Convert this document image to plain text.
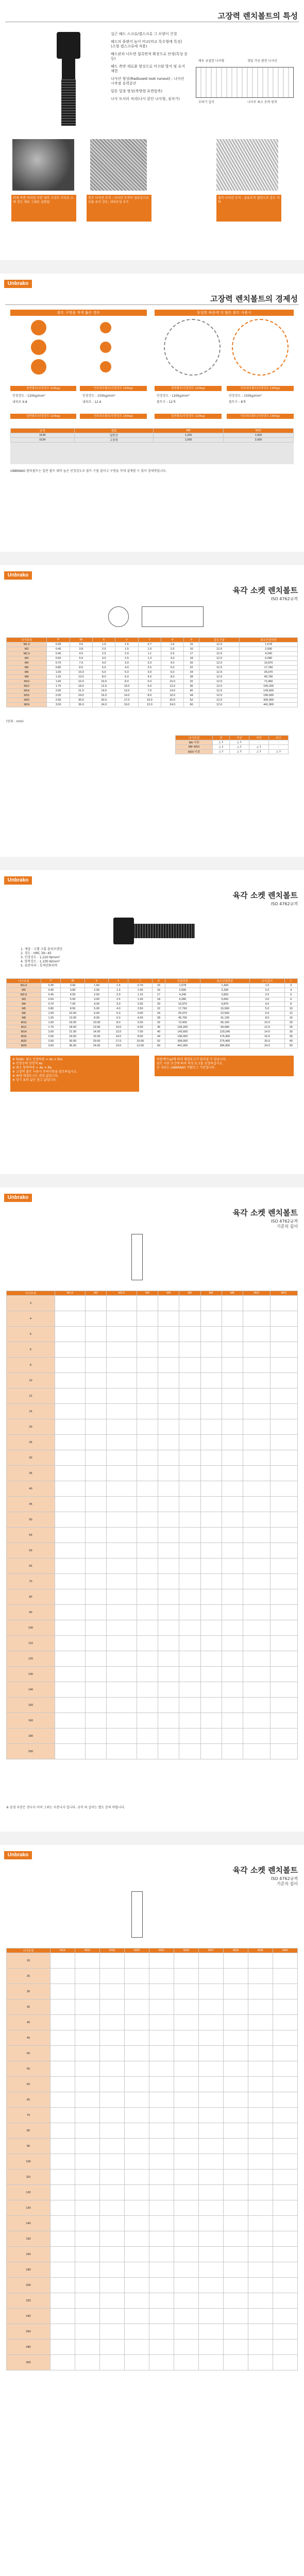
고장력 렌치볼트의 특성
실근 헤드 스크류/캡스크류 그 모양이 간결
헤드의 플랜지 높이 비교(비교 특수형태 특징)
(소형 캡스크류에 적용)
헤드판과 너트면 접촉면적 확장으로 안정(특성 동등)
헤드 측면 세로줄 형성으로 미끄럼 방지 및 유지 재현
나사산 형성(Radiused root runout) : 나사산 시작점 응력분산
압흔 일정 형성(축방향 표면압축)
나사 모서리 처리(나사 끝단 나사형, 심자기)
모따기 길이	나사부 최소 응력 원칙
매우 균질한 나사형	정밀 가공 완전 나사산
미세 측면 처리된 부분 내부 고강도 구조로 소재 강도 재료 그대로 실현됨
전조 나사산 조직 : 나사산 조직이 섬유상으로 흐름 유지 강도, 내피로성 우수
절삭 나사산 조직 : 섬유조직 절단으로 강도 저하
Unbrako
고장력 렌치볼트의 경제성
볼트 구멍을 적게 뚫은 경우	동일한 하중에 더 많은 볼트 사용시
일반볼트(인장강도 120kg)	언브라코볼트(인장강도 150kg)	일반볼트(인장강도 120kg)	언브라코볼트(인장강도 150kg)
인장강도 : 120kg/mm²	인장강도 : 150kg/mm²	인장강도 : 120kg/mm²	인장강도 : 150kg/mm²
내피로 9.8	내피로 : 12.6	볼트수 : 12개	볼트수 : 8개
일반볼트(인장강도 120kg)	언브라코볼트(인장강도 150kg)	일반볼트(인장강도 120kg)	언브라코볼트(인장강도 150kg)
규격	재질	M8	M12
SCM	일반강	1,200	1,600
SCM	고장력	1,500	2,000
UNBRAKO 렌치볼트는 일반 볼트 대비 높은 인장강도로 볼트 수를 줄이고 구멍을 작게 설계할 수 있어 경제적입니다.
Unbrako
육각 소켓 렌치볼트
ISO 4762규격
나사호칭	P	dk	k	s	t	d	b	강도구분	최소인장하중
M1.6	0.35	3.0	1.6	1.5	0.7	1.6	15	12.9	1,578
M2	0.40	3.8	2.0	1.5	1.0	2.0	16	12.9	2,590
M2.5	0.45	4.5	2.5	2.0	1.1	2.5	17	12.9	4,240
M3	0.50	5.5	3.0	2.5	1.3	3.0	18	12.9	6,280
M4	0.70	7.0	4.0	3.0	2.0	4.0	20	12.9	10,970
M5	0.80	8.5	5.0	4.0	2.5	5.0	22	12.9	17,760
M6	1.00	10.0	6.0	5.0	3.0	6.0	24	12.9	25,070
M8	1.25	13.0	8.0	6.0	4.0	8.0	28	12.9	45,700
M10	1.50	16.0	10.0	8.0	5.0	10.0	32	12.9	72,400
M12	1.75	18.0	12.0	10.0	6.0	12.0	36	12.9	105,200
M14	2.00	21.0	14.0	12.0	7.0	14.0	40	12.9	143,600
M16	2.00	24.0	16.0	14.0	8.0	16.0	44	12.9	196,000
M20	2.50	30.0	20.0	17.0	10.0	20.0	52	12.9	306,000
M24	3.00	36.0	24.0	19.0	12.0	24.0	60	12.9	441,000
(단위 : mm)
나사호칭	주	가공	처리	비고
M6 이하	△ 1	△ 1	-	-
M8~M16	△ 1	△ 1	△ 1	-
M20 이상	△ 1	△ 1	△ 1	△ 1
Unbrako
육각 소켓 렌치볼트
ISO 4762규격
1. 재질 : 니켈 크롬 몰리브덴강
2. 경도 : HRC 39~45
3. 인장강도 : 1,220 N/mm²
4. 항복강도 : 1,100 N/mm²
5. 표면처리 : 흑색산화피막
나사호칭	P	dk	k	s	t	b	인장하중	최소인장하중	나사길이	L
M1.6	0.35	3.00	1.60	1.5	0.70	15	1,578	1,420	1.5	3
M2	0.40	3.80	2.00	1.5	1.00	16	2,590	2,330	2.0	4
M2.5	0.45	4.50	2.50	2.0	1.10	17	4,240	3,820	2.5	5
M3	0.50	5.50	3.00	2.5	1.30	18	6,280	5,650	3.0	6
M4	0.70	7.00	4.00	3.0	2.00	20	10,970	9,870	4.0	8
M5	0.80	8.50	5.00	4.0	2.50	22	17,760	15,990	5.0	10
M6	1.00	10.00	6.00	5.0	3.00	24	25,070	22,560	6.0	12
M8	1.25	13.00	8.00	6.0	4.00	28	45,700	41,130	8.0	16
M10	1.50	16.00	10.00	8.0	5.00	32	72,400	65,160	10.0	20
M12	1.75	18.00	12.00	10.0	6.00	36	105,200	94,680	12.0	25
M14	2.00	21.00	14.00	12.0	7.00	40	143,600	129,240	14.0	30
M16	2.00	24.00	16.00	14.0	8.00	44	196,000	176,400	16.0	35
M20	2.50	30.00	20.00	17.0	10.00	52	306,000	275,400	20.0	40
M24	3.00	36.00	24.00	19.0	12.00	60	441,000	396,900	24.0	50
※ Ts(N): 최소 인장하중 = As × Rm
※ 인장응력 단면적 As
※ 최소 항복하중 = As × Re
※ 고장력 볼트 사용시 주의사항을 참조하십시오.
※ 최대 체결토크는 권장 값입니다.
※ 상기 표의 값은 참고 값입니다.
마찰계수(μ)에 따라 체결토크가 달라질 수 있습니다.
볼트 사용 조건에 따라 적정 토크를 선정하십시오.
본 자료는 UNBRAKO 카탈로그 기준입니다.
Unbrako
육각 소켓 렌치볼트
ISO 4762규격
기준치 길이
나사호칭	M1.6	M2	M2.5	M3	M4	M5	M6	M8	M10	M12
3										
4										
5										
6										
8										
10										
12										
16										
20										
25										
30										
35										
40										
45										
50										
55										
60										
65										
70										
80										
90										
100										
110										
120										
130										
140										
150										
160										
180										
200										
※ 음영 부분은 전나사 이며 그외는 부분나사 입니다. 규격 외 길이는 별도 문의 바랍니다.
Unbrako
육각 소켓 렌치볼트
ISO 4762규격
기준치 길이
나사호칭	M14	M16	M18	M20	M22	M24	M27	M30	M36	M42
20										
25										
30										
35										
40										
45										
50										
55										
60										
65										
70										
80										
90										
100										
110										
120										
130										
140										
150										
160										
180										
200										
220										
240										
260										
280										
300										
